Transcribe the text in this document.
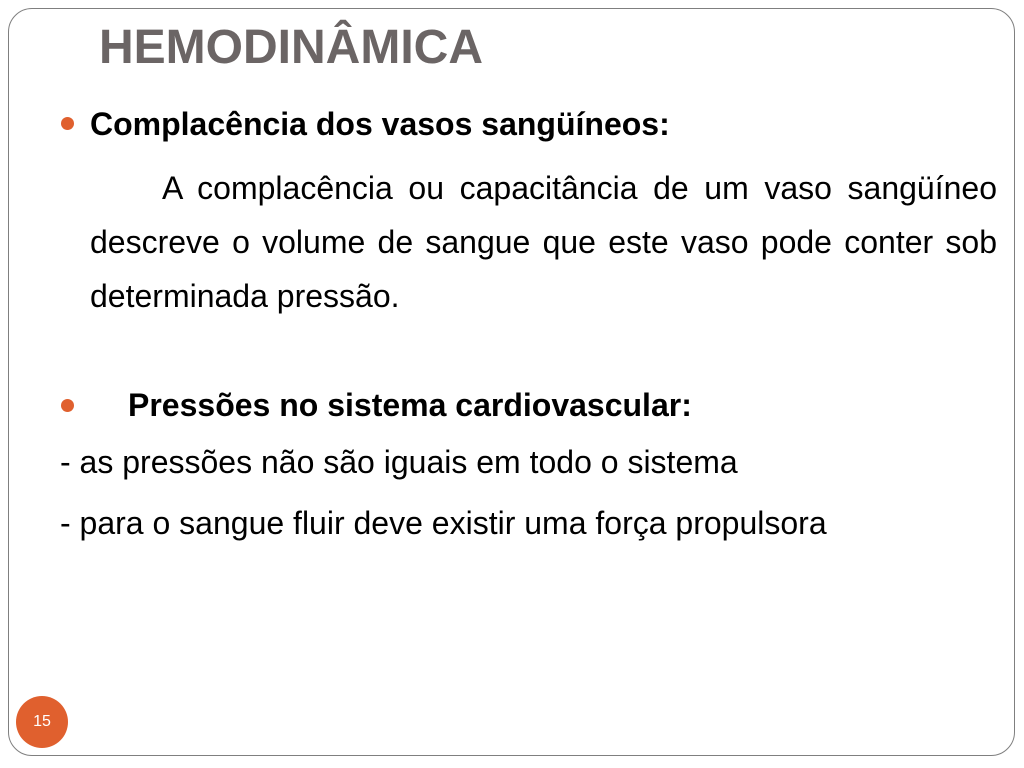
HEMODINÂMICA

Complacência dos vasos sangüíneos:

A complacência ou capacitância de um vaso sangüíneo descreve o volume de sangue que este vaso pode conter sob determinada pressão.

Pressões no sistema cardiovascular:

- as pressões não são iguais em todo o sistema

- para o sangue fluir deve existir uma força propulsora

15
